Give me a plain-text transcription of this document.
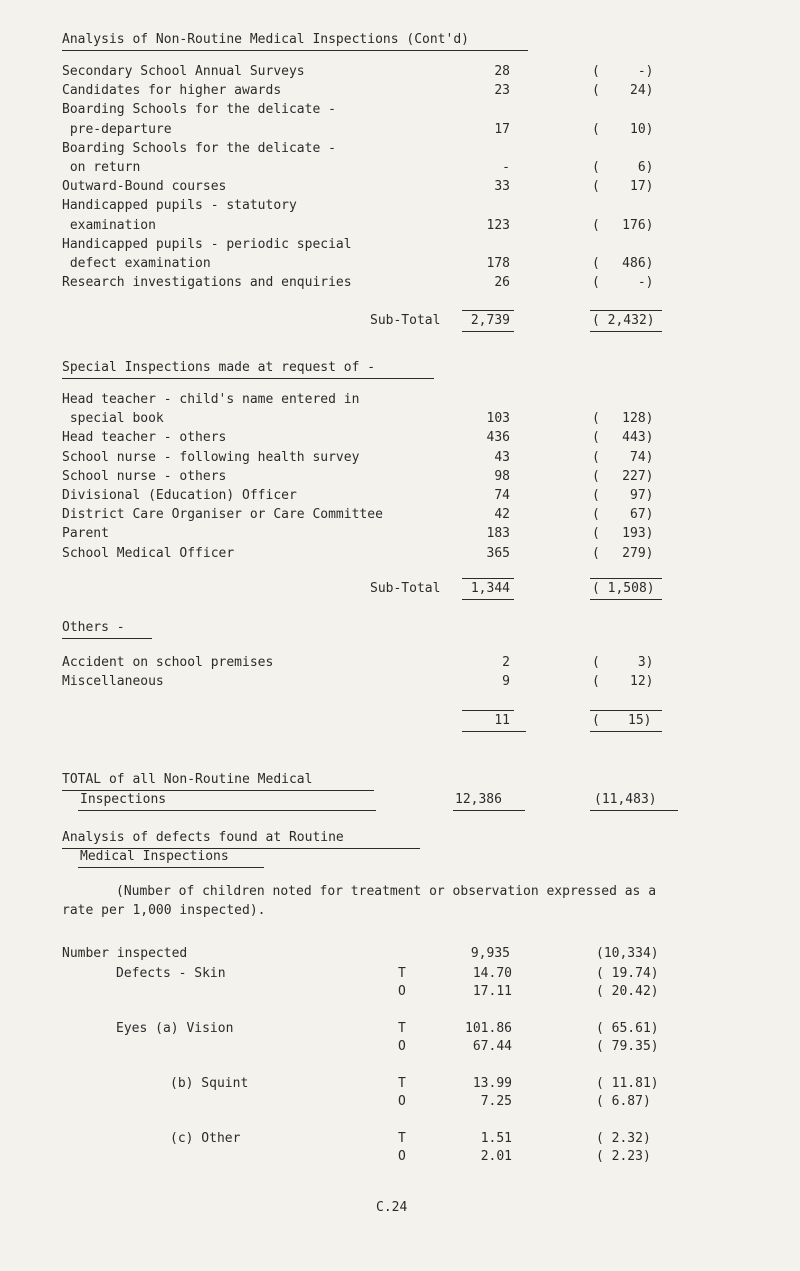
Analysis of Non-Routine Medical Inspections (Cont'd)
Secondary School Annual Surveys	28	( -)
Candidates for higher awards	23	( 24)
Boarding Schools for the delicate -
pre-departure	17	( 10)
Boarding Schools for the delicate -
on return	-	( 6)
Outward-Bound courses	33	( 17)
Handicapped pupils - statutory
examination	123	( 176)
Handicapped pupils - periodic special
defect examination	178	( 486)
Research investigations and enquiries	26	( -)
Sub-Total	2,739	( 2,432)
Special Inspections made at request of -
Head teacher - child's name entered in
special book	103	( 128)
Head teacher - others	436	( 443)
School nurse - following health survey	43	( 74)
School nurse - others	98	( 227)
Divisional (Education) Officer	74	( 97)
District Care Organiser or Care Committee	42	( 67)
Parent	183	( 193)
School Medical Officer	365	( 279)
Sub-Total	1,344	( 1,508)
Others -
Accident on school premises	2	( 3)
Miscellaneous	9	( 12)
11	( 15)
TOTAL of all Non-Routine Medical
Inspections	12,386	(11,483)
Analysis of defects found at Routine
Medical Inspections
(Number of children noted for treatment or observation expressed as a
rate per 1,000 inspected).
Number inspected	9,935	(10,334)
Defects - Skin	T	14.70	( 19.74)
O	17.11	( 20.42)
Eyes (a) Vision	T	101.86	( 65.61)
O	67.44	( 79.35)
(b) Squint	T	13.99	( 11.81)
O	7.25	( 6.87)
(c) Other	T	1.51	( 2.32)
O	2.01	( 2.23)
C.24
